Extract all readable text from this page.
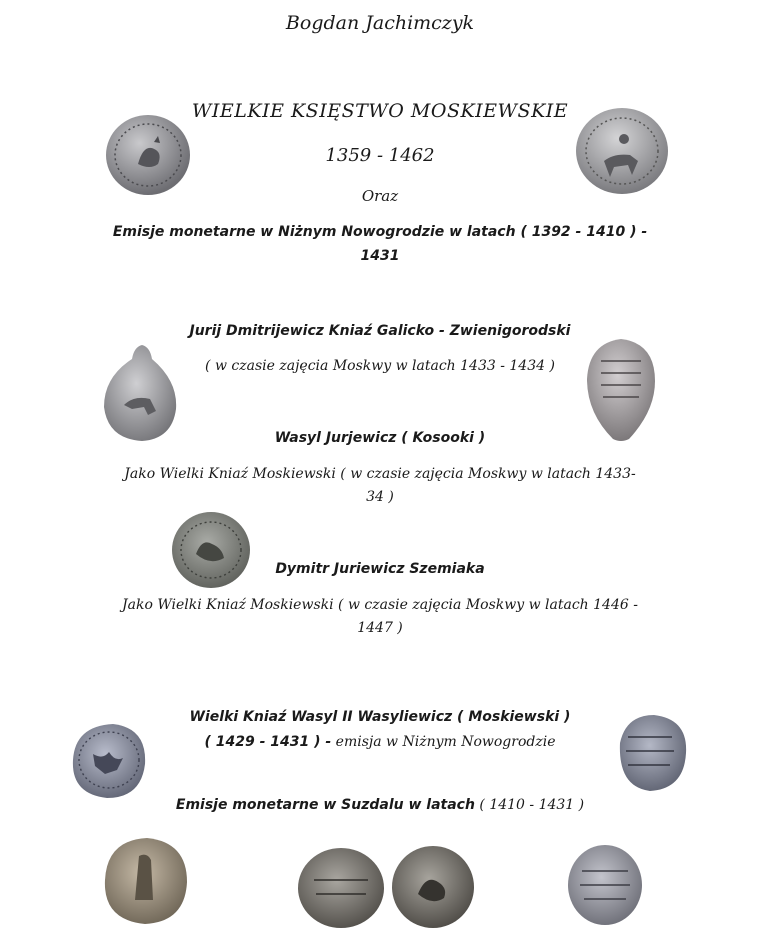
Bogdan Jachimczyk
WIELKIE KSIĘSTWO MOSKIEWSKIE
1359 - 1462
Oraz
Emisje monetarne w Niżnym Nowogrodzie w latach ( 1392 - 1410 ) -
1431
Jurij Dmitrijewicz Kniaź Galicko - Zwienigorodski
( w czasie zajęcia Moskwy w latach 1433 - 1434 )
Wasyl Jurjewicz ( Kosooki )
Jako Wielki Kniaź Moskiewski ( w czasie zajęcia Moskwy w latach 1433-
34 )
Dymitr Juriewicz Szemiaka
Jako Wielki Kniaź Moskiewski ( w czasie zajęcia Moskwy w latach 1446 -
1447 )
Wielki Kniaź Wasyl II Wasyliewicz ( Moskiewski )
( 1429 - 1431 ) - emisja w Niżnym Nowogrodzie
Emisje monetarne w Suzdalu w latach ( 1410 - 1431 )
